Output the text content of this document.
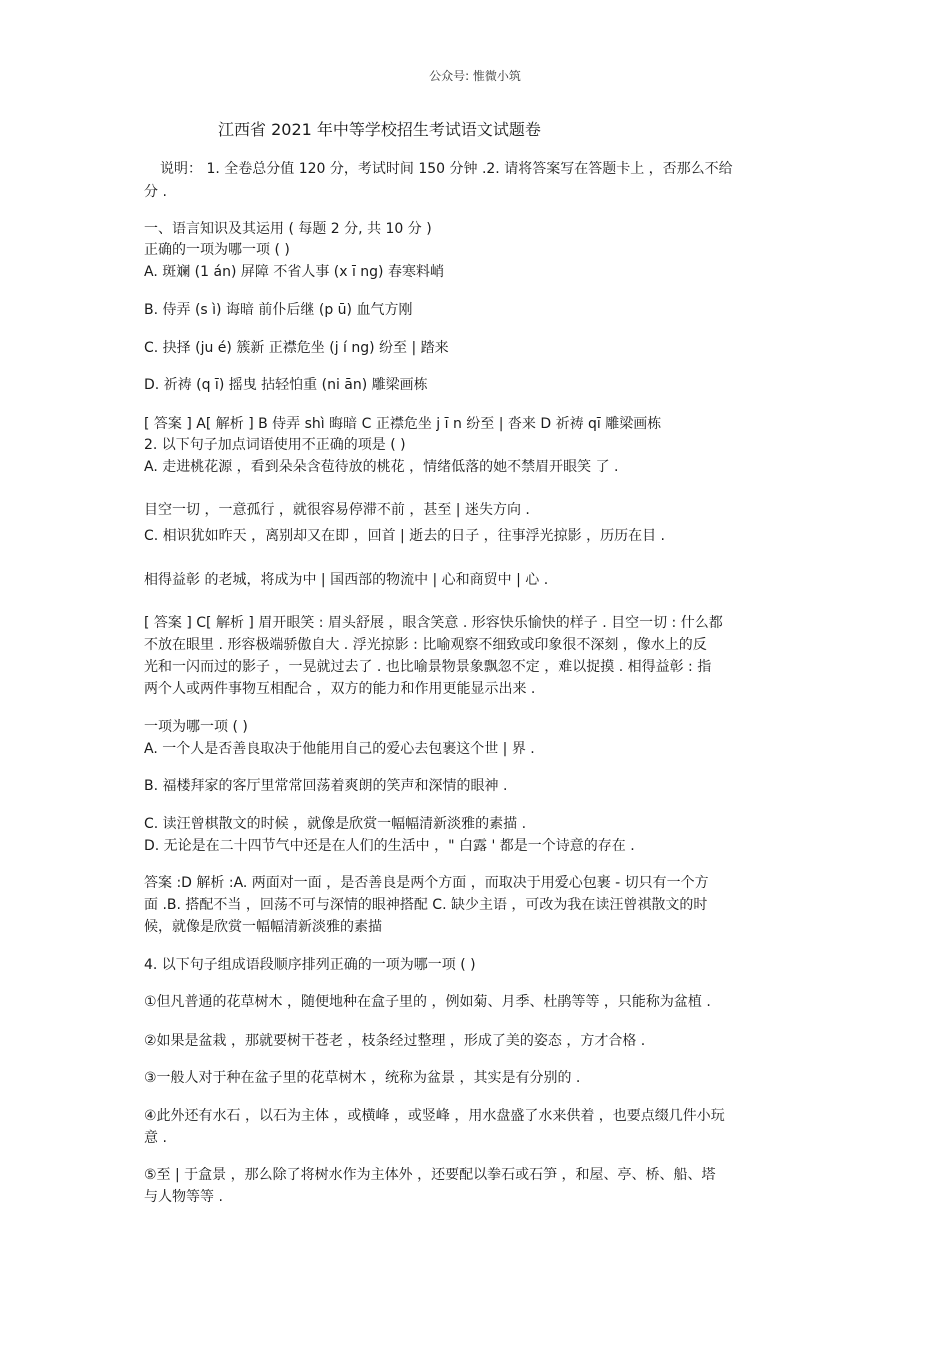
公众号: 惟微小筑
江西省 2021 年中等学校招生考试语文试题卷
说明： 1. 全卷总分值 120 分，考试时间 150 分钟 .2. 请将答案写在答题卡上 ，否那么不给
分 .
一、语言知识及其运用 ( 每题 2 分, 共 10 分 )
正确的一项为哪一项 ( )
A. 斑斓 (1 án) 屏障 不省人事 (x ī ng) 春寒料峭
B. 侍弄 (s ì) 诲暗 前仆后继 (p ū) 血气方刚
C. 抉择 (ju é) 簇新 正襟危坐 (j í ng) 纷至 | 踏来
D. 祈祷 (q ī) 摇曳 拈轻怕重 (ni ān) 雕梁画栋
[ 答案 ] A[ 解析 ] B 侍弄 shì 晦暗 C 正襟危坐 j ī n 纷至 | 沓来 D 祈祷 qī 雕梁画栋
2. 以下句子加点词语使用不正确的项是 ( )
A. 走进桃花源 ，看到朵朵含苞待放的桃花 ，情绪低落的她不禁眉开眼笑 了 .
目空一切 ，一意孤行 ，就很容易停滞不前 ，甚至 | 迷失方向 .
C. 相识犹如昨天 ，离别却又在即 ，回首 | 逝去的日子 ，往事浮光掠影 ，历历在目 .
相得益彰 的老城，将成为中 | 国西部的物流中 | 心和商贸中 | 心 .
[ 答案 ] C[ 解析 ] 眉开眼笑 : 眉头舒展 ，眼含笑意 . 形容快乐愉快的样子 . 目空一切 : 什么都
不放在眼里 . 形容极端骄傲自大 . 浮光掠影 : 比喻观察不细致或印象很不深刻 ，像水上的反
光和一闪而过的影子 ，一晃就过去了 . 也比喻景物景象飘忽不定 ，难以捉摸 . 相得益彰 : 指
两个人或两件事物互相配合 ，双方的能力和作用更能显示出来 .
一项为哪一项 ( )
A. 一个人是否善良取决于他能用自己的爱心去包裹这个世 | 界 .
B. 福楼拜家的客厅里常常回荡着爽朗的笑声和深情的眼神 .
C. 读汪曾棋散文的时候 ，就像是欣赏一幅幅清新淡雅的素描 .
D. 无论是在二十四节气中还是在人们的生活中 ，" 白露 ' 都是一个诗意的存在 .
答案 :D 解析 :A. 两面对一面 ，是否善良是两个方面 ，而取决于用爱心包裹 - 切只有一个方
面 .B. 搭配不当 ，回荡不可与深情的眼神搭配 C. 缺少主语 ，可改为我在读汪曾祺散文的时
候，就像是欣赏一幅幅清新淡雅的素描
4. 以下句子组成语段顺序排列正确的一项为哪一项 ( )
①但凡普通的花草树木 ，随便地种在盒子里的 ，例如菊、月季、杜鹃等等 ，只能称为盆植 .
②如果是盆栽 ，那就要树干苍老 ，枝条经过整理 ，形成了美的姿态 ，方才合格 .
③一般人对于种在盆子里的花草树木 ，统称为盆景 ，其实是有分别的 .
④此外还有水石 ，以石为主体 ，或横峰 ，或竖峰 ，用水盘盛了水来供着 ，也要点缀几件小玩
意 .
⑤至 | 于盒景 ，那么除了将树水作为主体外 ，还要配以拳石或石笋 ，和屋、亭、桥、船、塔
与人物等等 .
